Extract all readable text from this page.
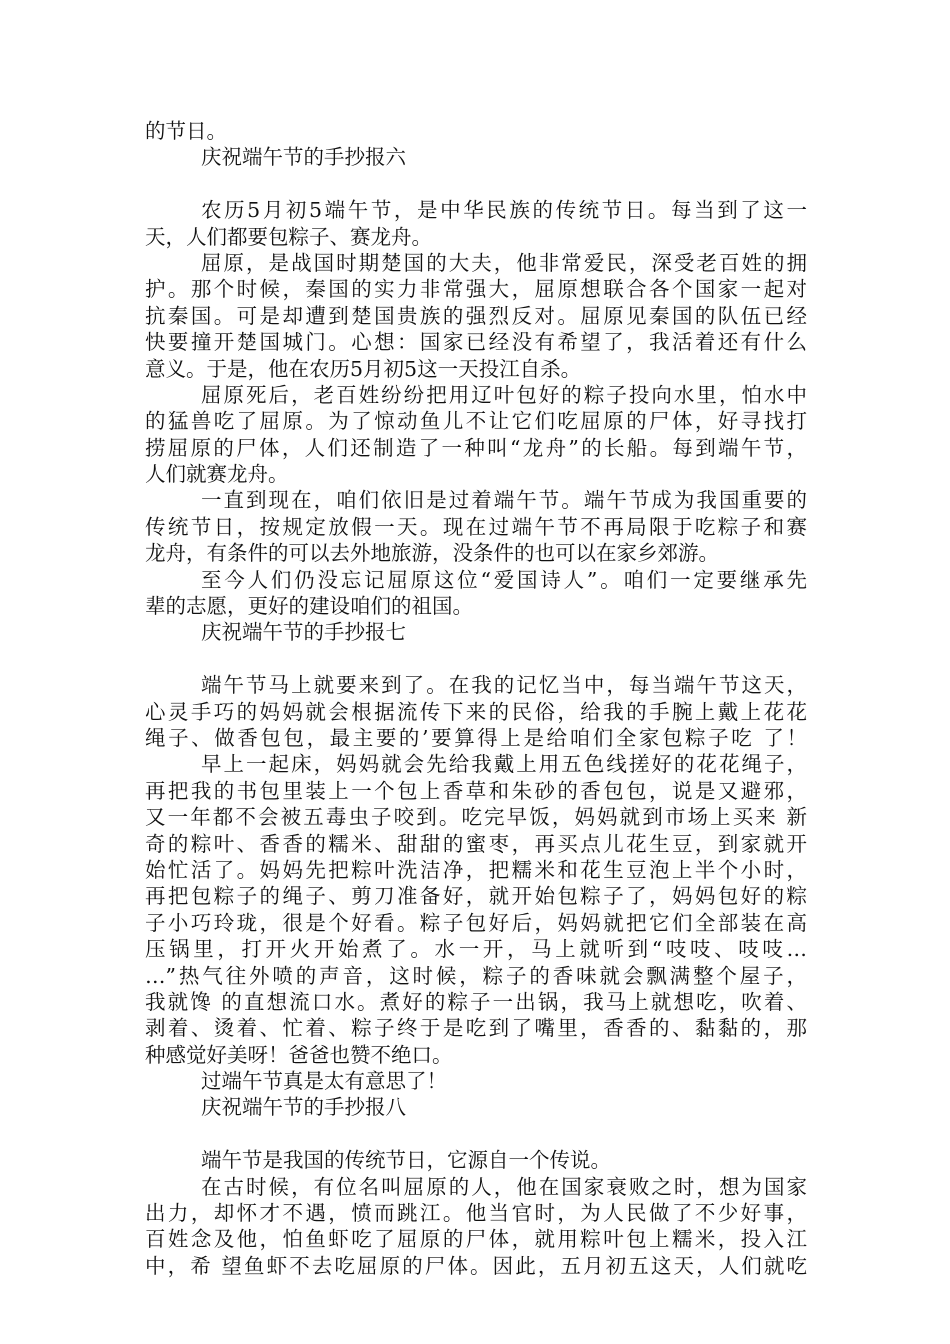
的节日。
庆祝端午节的手抄报六
农历5月初5端午节，是中华民族的传统节日。每当到了这一
天，人们都要包粽子、赛龙舟。
屈原，是战国时期楚国的大夫，他非常爱民，深受老百姓的拥
护。那个时候，秦国的实力非常强大，屈原想联合各个国家一起对
抗秦国。可是却遭到楚国贵族的强烈反对。屈原见秦国的队伍已经
快要撞开楚国城门。心想：国家已经没有希望了，我活着还有什么
意义。于是，他在农历5月初5这一天投江自杀。
屈原死后，老百姓纷纷把用辽叶包好的粽子投向水里，怕水中
的猛兽吃了屈原。为了惊动鱼儿不让它们吃屈原的尸体，好寻找打
捞屈原的尸体，人们还制造了一种叫“龙舟”的长船。每到端午节，
人们就赛龙舟。
一直到现在，咱们依旧是过着端午节。端午节成为我国重要的
传统节日，按规定放假一天。现在过端午节不再局限于吃粽子和赛
龙舟，有条件的可以去外地旅游，没条件的也可以在家乡郊游。
至今人们仍没忘记屈原这位“爱国诗人”。咱们一定要继承先
辈的志愿，更好的建设咱们的祖国。
庆祝端午节的手抄报七
端午节马上就要来到了。在我的记忆当中，每当端午节这天，
心灵手巧的妈妈就会根据流传下来的民俗，给我的手腕上戴上花花
绳子、做香包包，最主要的’要算得上是给咱们全家包粽子吃 了！
早上一起床，妈妈就会先给我戴上用五色线搓好的花花绳子，
再把我的书包里装上一个包上香草和朱砂的香包包，说是又避邪，
又一年都不会被五毒虫子咬到。吃完早饭，妈妈就到市场上买来 新
奇的粽叶、香香的糯米、甜甜的蜜枣，再买点儿花生豆，到家就开
始忙活了。妈妈先把粽叶洗洁净，把糯米和花生豆泡上半个小时，
再把包粽子的绳子、剪刀准备好，就开始包粽子了，妈妈包好的粽
子小巧玲珑，很是个好看。粽子包好后，妈妈就把它们全部装在高
压锅里，打开火开始煮了。水一开，马上就听到“吱吱、吱吱…
…”热气往外喷的声音，这时候，粽子的香味就会飘满整个屋子，
我就馋 的直想流口水。煮好的粽子一出锅，我马上就想吃，吹着、
剥着、烫着、忙着、粽子终于是吃到了嘴里，香香的、黏黏的，那
种感觉好美呀！爸爸也赞不绝口。
过端午节真是太有意思了！
庆祝端午节的手抄报八
端午节是我国的传统节日，它源自一个传说。
在古时候，有位名叫屈原的人，他在国家衰败之时，想为国家
出力，却怀才不遇，愤而跳江。他当官时，为人民做了不少好事，
百姓念及他，怕鱼虾吃了屈原的尸体，就用粽叶包上糯米，投入江
中，希 望鱼虾不去吃屈原的尸体。因此，五月初五这天，人们就吃
